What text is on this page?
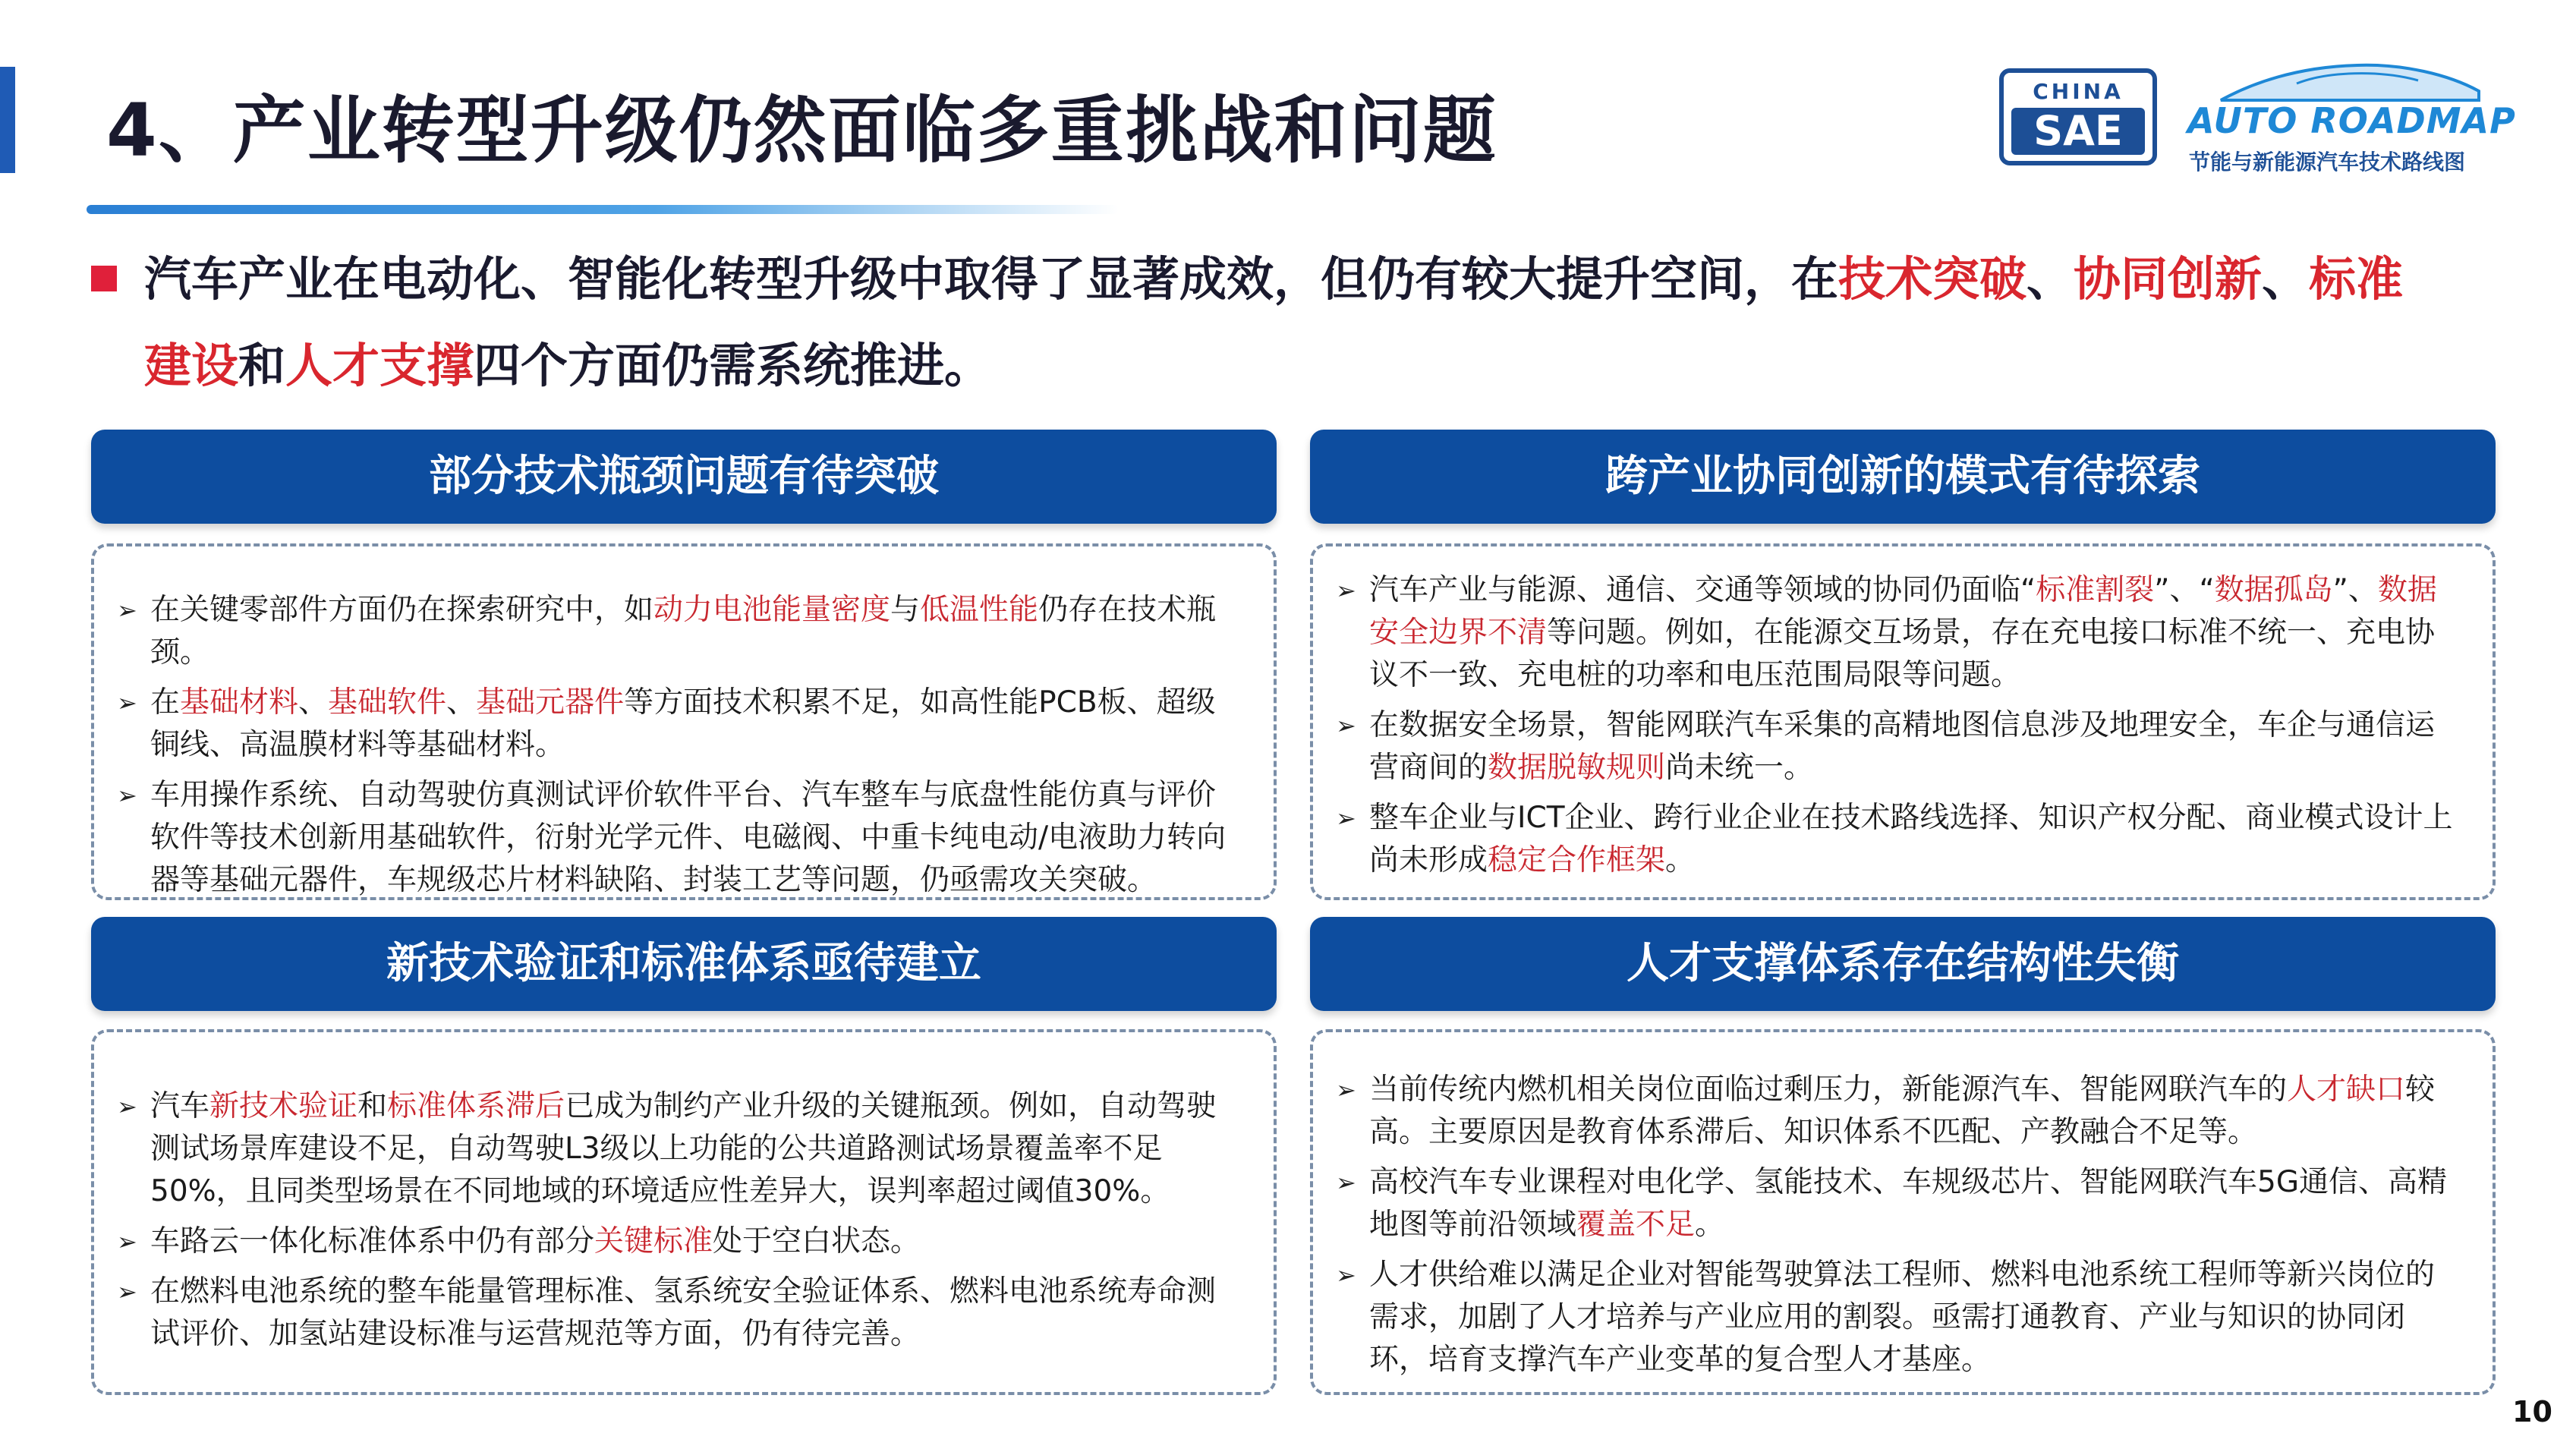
4、产业转型升级仍然面临多重挑战和问题	CHINA
SAE	AUTO ROADMAP
节能与新能源汽车技术路线图
汽车产业在电动化、智能化转型升级中取得了显著成效，但仍有较大提升空间，在技术突破、协同创新、标准
建设和人才支撑四个方面仍需系统推进。
部分技术瓶颈问题有待突破
➢ 在关键零部件方面仍在探索研究中，如动力电池能量密度与低温性能仍存在技术瓶颈。
➢ 在基础材料、基础软件、基础元器件等方面技术积累不足，如高性能PCB板、超级铜线、高温膜材料等基础材料。
➢ 车用操作系统、自动驾驶仿真测试评价软件平台、汽车整车与底盘性能仿真与评价软件等技术创新用基础软件，衍射光学元件、电磁阀、中重卡纯电动/电液助力转向器等基础元器件，车规级芯片材料缺陷、封装工艺等问题，仍亟需攻关突破。
跨产业协同创新的模式有待探索
➢ 汽车产业与能源、通信、交通等领域的协同仍面临“标准割裂”、“数据孤岛”、数据安全边界不清等问题。例如，在能源交互场景，存在充电接口标准不统一、充电协议不一致、充电桩的功率和电压范围局限等问题。
➢ 在数据安全场景，智能网联汽车采集的高精地图信息涉及地理安全，车企与通信运营商间的数据脱敏规则尚未统一。
➢ 整车企业与ICT企业、跨行业企业在技术路线选择、知识产权分配、商业模式设计上尚未形成稳定合作框架。
新技术验证和标准体系亟待建立
➢ 汽车新技术验证和标准体系滞后已成为制约产业升级的关键瓶颈。例如，自动驾驶测试场景库建设不足，自动驾驶L3级以上功能的公共道路测试场景覆盖率不足50%，且同类型场景在不同地域的环境适应性差异大，误判率超过阈值30%。
➢ 车路云一体化标准体系中仍有部分关键标准处于空白状态。
➢ 在燃料电池系统的整车能量管理标准、氢系统安全验证体系、燃料电池系统寿命测试评价、加氢站建设标准与运营规范等方面，仍有待完善。
人才支撑体系存在结构性失衡
➢ 当前传统内燃机相关岗位面临过剩压力，新能源汽车、智能网联汽车的人才缺口较高。主要原因是教育体系滞后、知识体系不匹配、产教融合不足等。
➢ 高校汽车专业课程对电化学、氢能技术、车规级芯片、智能网联汽车5G通信、高精地图等前沿领域覆盖不足。
➢ 人才供给难以满足企业对智能驾驶算法工程师、燃料电池系统工程师等新兴岗位的需求，加剧了人才培养与产业应用的割裂。亟需打通教育、产业与知识的协同闭环，培育支撑汽车产业变革的复合型人才基座。
10
